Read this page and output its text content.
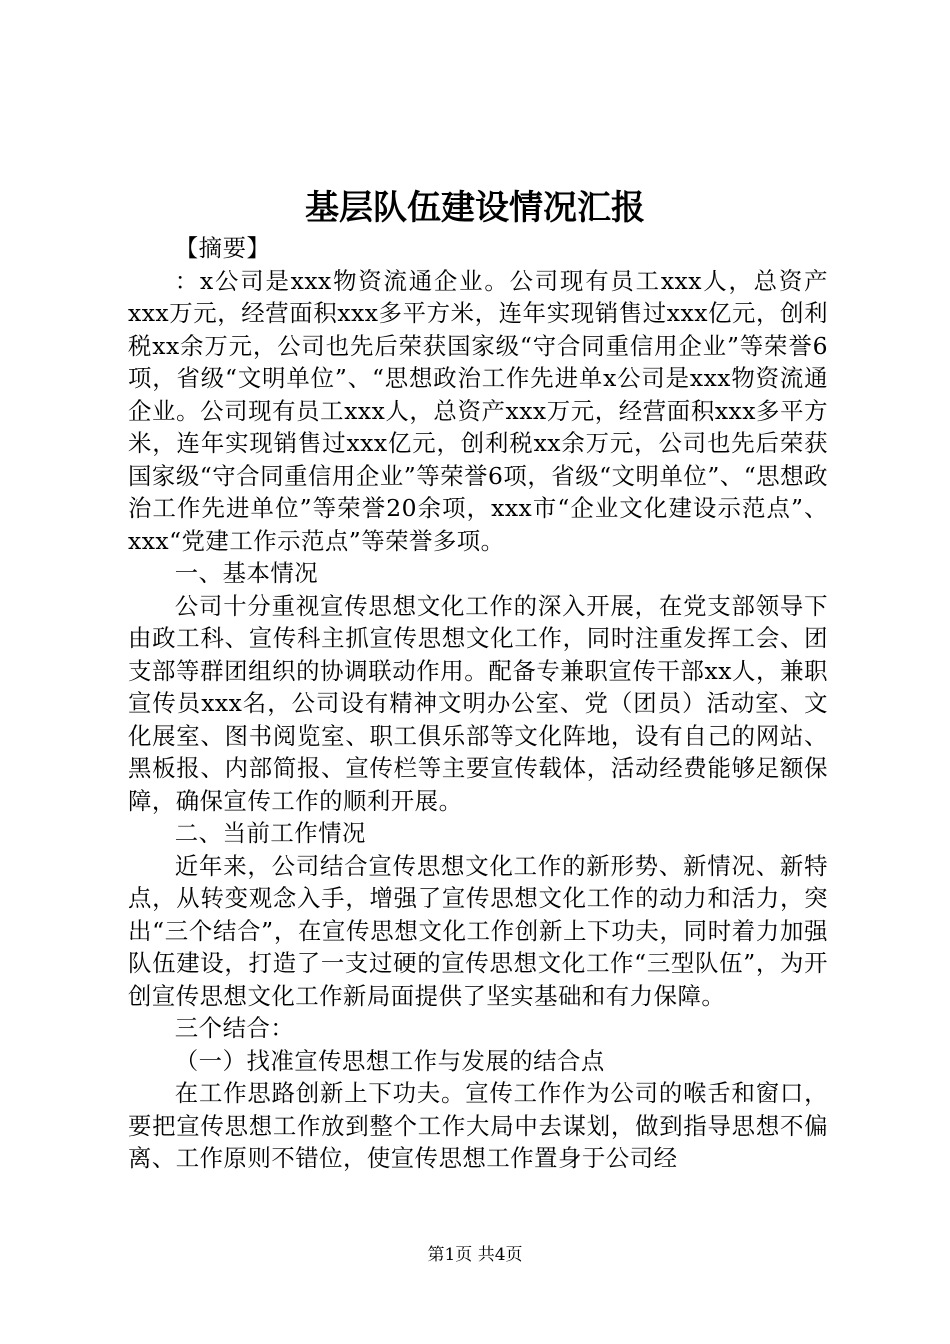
基层队伍建设情况汇报

【摘要】

：x公司是xxx物资流通企业。公司现有员工xxx人，总资产xxx万元，经营面积xxx多平方米，连年实现销售过xxx亿元，创利税xx余万元，公司也先后荣获国家级“守合同重信用企业”等荣誉6项，省级“文明单位”、“思想政治工作先进单x公司是xxx物资流通企业。公司现有员工xxx人，总资产xxx万元，经营面积xxx多平方米，连年实现销售过xxx亿元，创利税xx余万元，公司也先后荣获国家级“守合同重信用企业”等荣誉6项，省级“文明单位”、“思想政治工作先进单位”等荣誉20余项，xxx市“企业文化建设示范点”、xxx“党建工作示范点”等荣誉多项。

一、基本情况

公司十分重视宣传思想文化工作的深入开展，在党支部领导下由政工科、宣传科主抓宣传思想文化工作，同时注重发挥工会、团支部等群团组织的协调联动作用。配备专兼职宣传干部xx人，兼职宣传员xxx名，公司设有精神文明办公室、党（团员）活动室、文化展室、图书阅览室、职工俱乐部等文化阵地，设有自己的网站、黑板报、内部简报、宣传栏等主要宣传载体，活动经费能够足额保障，确保宣传工作的顺利开展。

二、当前工作情况

近年来，公司结合宣传思想文化工作的新形势、新情况、新特点，从转变观念入手，增强了宣传思想文化工作的动力和活力，突出“三个结合”，在宣传思想文化工作创新上下功夫，同时着力加强队伍建设，打造了一支过硬的宣传思想文化工作“三型队伍”，为开创宣传思想文化工作新局面提供了坚实基础和有力保障。

三个结合：

（一）找准宣传思想工作与发展的结合点

在工作思路创新上下功夫。宣传工作作为公司的喉舌和窗口，要把宣传思想工作放到整个工作大局中去谋划，做到指导思想不偏离、工作原则不错位，使宣传思想工作置身于公司经

第1页 共4页
